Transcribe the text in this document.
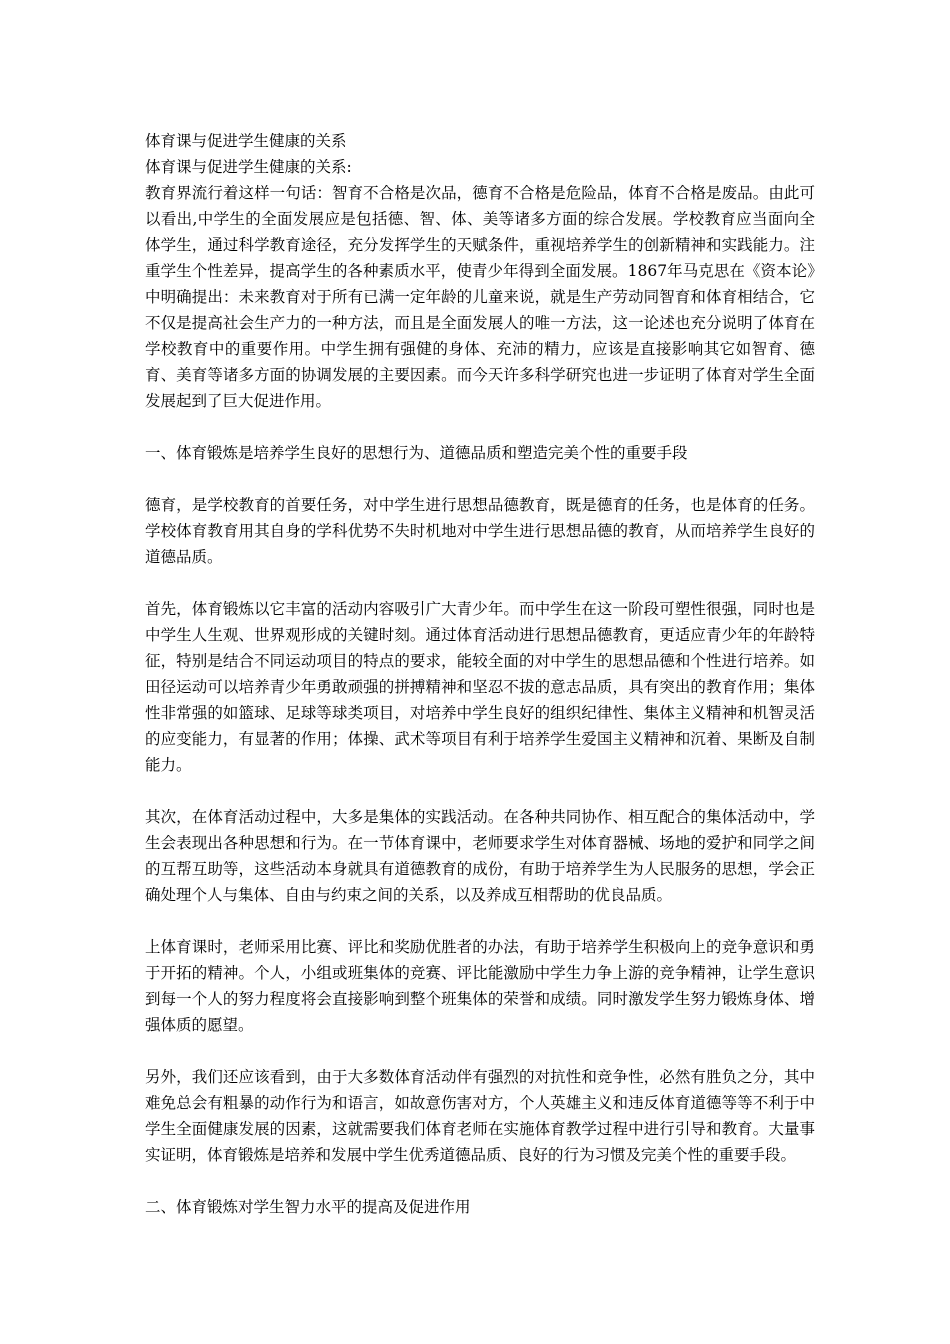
体育课与促进学生健康的关系

体育课与促进学生健康的关系:

教育界流行着这样一句话：智育不合格是次品，德育不合格是危险品，体育不合格是废品。由此可以看出,中学生的全面发展应是包括德、智、体、美等诸多方面的综合发展。学校教育应当面向全体学生，通过科学教育途径，充分发挥学生的天赋条件，重视培养学生的创新精神和实践能力。注重学生个性差异，提高学生的各种素质水平，使青少年得到全面发展。1867年马克思在《资本论》中明确提出：未来教育对于所有已满一定年龄的儿童来说，就是生产劳动同智育和体育相结合，它不仅是提高社会生产力的一种方法，而且是全面发展人的唯一方法，这一论述也充分说明了体育在学校教育中的重要作用。中学生拥有强健的身体、充沛的精力，应该是直接影响其它如智育、德育、美育等诸多方面的协调发展的主要因素。而今天许多科学研究也进一步证明了体育对学生全面发展起到了巨大促进作用。

一、体育锻炼是培养学生良好的思想行为、道德品质和塑造完美个性的重要手段

德育，是学校教育的首要任务，对中学生进行思想品德教育，既是德育的任务，也是体育的任务。学校体育教育用其自身的学科优势不失时机地对中学生进行思想品德的教育，从而培养学生良好的道德品质。

首先，体育锻炼以它丰富的活动内容吸引广大青少年。而中学生在这一阶段可塑性很强，同时也是中学生人生观、世界观形成的关键时刻。通过体育活动进行思想品德教育，更适应青少年的年龄特征，特别是结合不同运动项目的特点的要求，能较全面的对中学生的思想品德和个性进行培养。如田径运动可以培养青少年勇敢顽强的拼搏精神和坚忍不拔的意志品质，具有突出的教育作用；集体性非常强的如篮球、足球等球类项目，对培养中学生良好的组织纪律性、集体主义精神和机智灵活的应变能力，有显著的作用；体操、武术等项目有利于培养学生爱国主义精神和沉着、果断及自制能力。

其次，在体育活动过程中，大多是集体的实践活动。在各种共同协作、相互配合的集体活动中，学生会表现出各种思想和行为。在一节体育课中，老师要求学生对体育器械、场地的爱护和同学之间的互帮互助等，这些活动本身就具有道德教育的成份，有助于培养学生为人民服务的思想，学会正确处理个人与集体、自由与约束之间的关系，以及养成互相帮助的优良品质。

上体育课时，老师采用比赛、评比和奖励优胜者的办法，有助于培养学生积极向上的竞争意识和勇于开拓的精神。个人，小组或班集体的竞赛、评比能激励中学生力争上游的竞争精神，让学生意识到每一个人的努力程度将会直接影响到整个班集体的荣誉和成绩。同时激发学生努力锻炼身体、增强体质的愿望。

另外，我们还应该看到，由于大多数体育活动伴有强烈的对抗性和竞争性，必然有胜负之分，其中难免总会有粗暴的动作行为和语言，如故意伤害对方，个人英雄主义和违反体育道德等等不利于中学生全面健康发展的因素，这就需要我们体育老师在实施体育教学过程中进行引导和教育。大量事实证明，体育锻炼是培养和发展中学生优秀道德品质、良好的行为习惯及完美个性的重要手段。

二、体育锻炼对学生智力水平的提高及促进作用
